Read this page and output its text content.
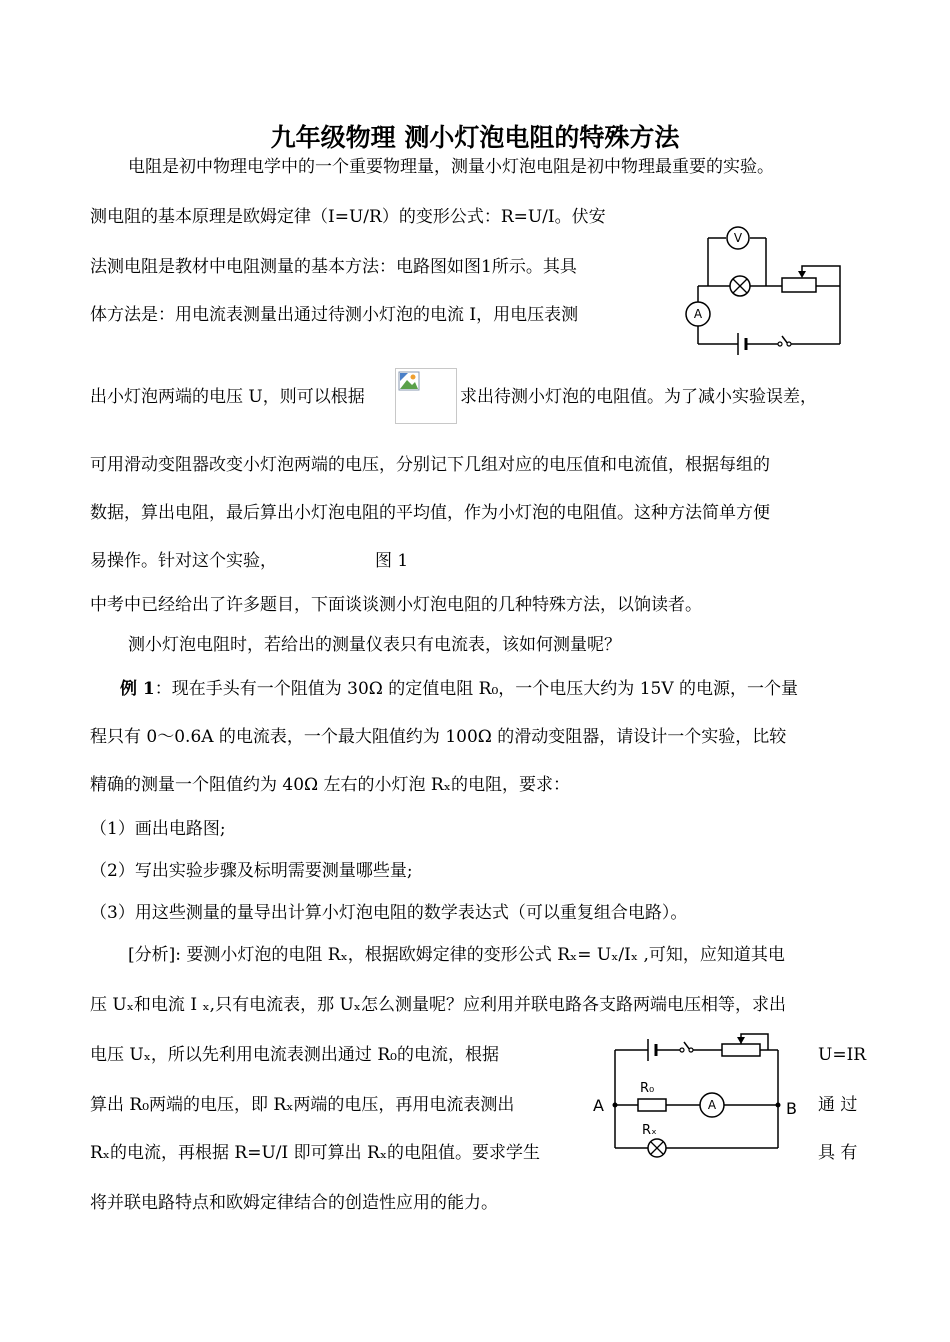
九年级物理 测小灯泡电阻的特殊方法
电阻是初中物理电学中的一个重要物理量，测量小灯泡电阻是初中物理最重要的实验。
测电阻的基本原理是欧姆定律（I=U/R）的变形公式：R=U/I。伏安
法测电阻是教材中电阻测量的基本方法：电路图如图1所示。其具
体方法是：用电流表测量出通过待测小灯泡的电流 I，用电压表测
出小灯泡两端的电压 U，则可以根据	求出待测小灯泡的电阻值。为了减小实验误差，
可用滑动变阻器改变小灯泡两端的电压，分别记下几组对应的电压值和电流值，根据每组的
数据，算出电阻，最后算出小灯泡电阻的平均值，作为小灯泡的电阻值。这种方法简单方便
易操作。针对这个实验，	图 1
中考中已经给出了许多题目，下面谈谈测小灯泡电阻的几种特殊方法，以饷读者。
测小灯泡电阻时，若给出的测量仪表只有电流表，该如何测量呢？
例 1：现在手头有一个阻值为 30Ω 的定值电阻 R₀，一个电压大约为 15V 的电源，一个量
程只有 0～0.6A 的电流表，一个最大阻值约为 100Ω 的滑动变阻器，请设计一个实验，比较
精确的测量一个阻值约为 40Ω 左右的小灯泡 Rₓ的电阻，要求：
（1）画出电路图;
（2）写出实验步骤及标明需要测量哪些量;
（3）用这些测量的量导出计算小灯泡电阻的数学表达式（可以重复组合电路）。
[分析]: 要测小灯泡的电阻 Rₓ，根据欧姆定律的变形公式 Rₓ= Uₓ/Iₓ ,可知，应知道其电
压 Uₓ和电流 I ₓ,只有电流表，那 Uₓ怎么测量呢？应利用并联电路各支路两端电压相等，求出
电压 Uₓ，所以先利用电流表测出通过 R₀的电流，根据	U=IR
算出 R₀两端的电压，即 Rₓ两端的电压，再用电流表测出	通 过
Rₓ的电流，再根据 R=U/I 即可算出 Rₓ的电阻值。要求学生	具 有
将并联电路特点和欧姆定律结合的创造性应用的能力。
V
A
A	B
R₀
Rₓ
A
